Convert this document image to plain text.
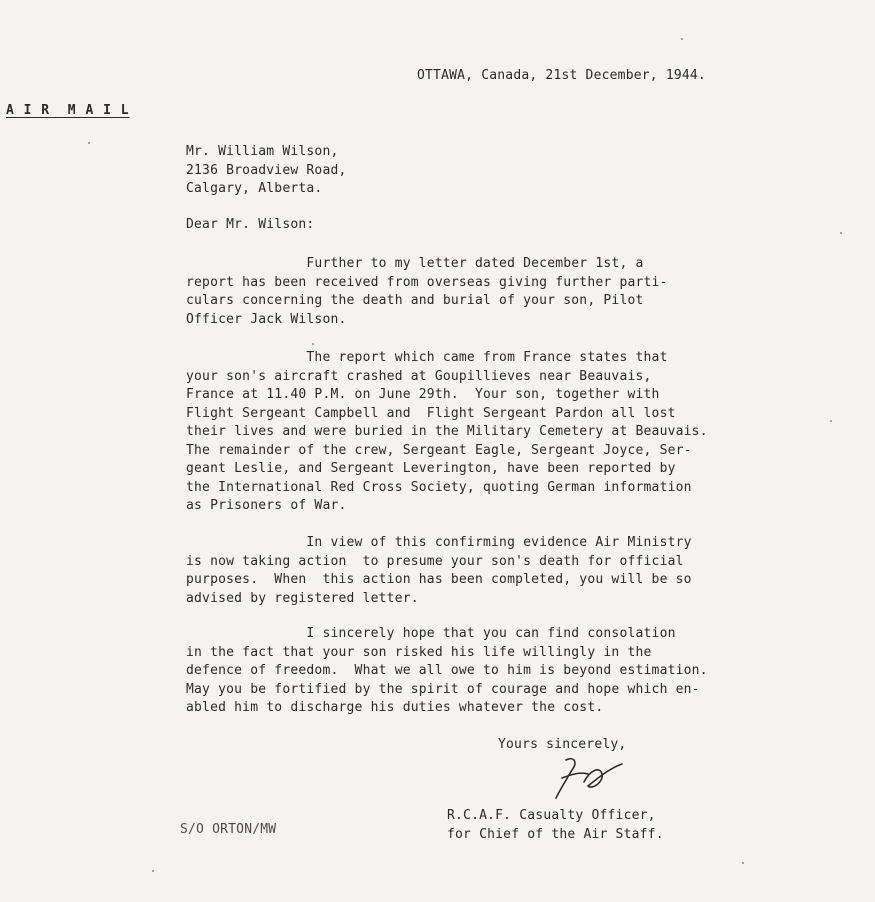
OTTAWA, Canada, 21st December, 1944.
A I R  M A I L
Mr. William Wilson,
2136 Broadview Road,
Calgary, Alberta.
Dear Mr. Wilson:
Further to my letter dated December 1st, a
report has been received from overseas giving further parti-
culars concerning the death and burial of your son, Pilot
Officer Jack Wilson.
The report which came from France states that
your son's aircraft crashed at Goupillieves near Beauvais,
France at 11.40 P.M. on June 29th.  Your son, together with
Flight Sergeant Campbell and  Flight Sergeant Pardon all lost
their lives and were buried in the Military Cemetery at Beauvais.
The remainder of the crew, Sergeant Eagle, Sergeant Joyce, Ser-
geant Leslie, and Sergeant Leverington, have been reported by
the International Red Cross Society, quoting German information
as Prisoners of War.
In view of this confirming evidence Air Ministry
is now taking action  to presume your son's death for official
purposes.  When  this action has been completed, you will be so
advised by registered letter.
I sincerely hope that you can find consolation
in the fact that your son risked his life willingly in the
defence of freedom.  What we all owe to him is beyond estimation.
May you be fortified by the spirit of courage and hope which en-
abled him to discharge his duties whatever the cost.
Yours sincerely,
R.C.A.F. Casualty Officer,
for Chief of the Air Staff.
S/O ORTON/MW
